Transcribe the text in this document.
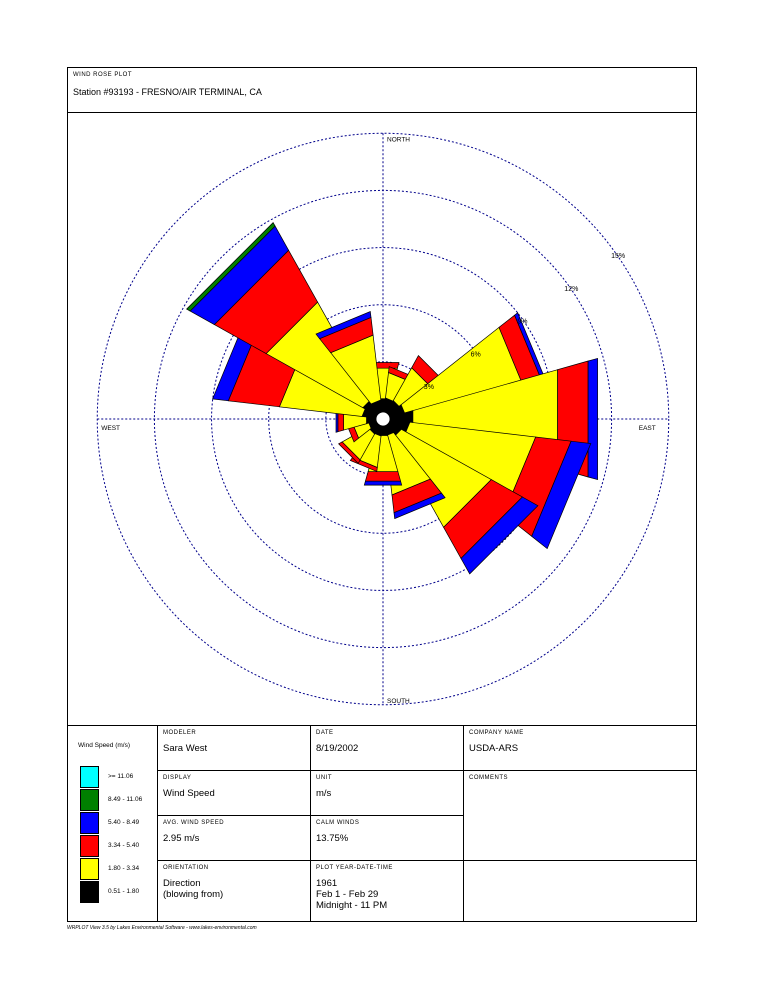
WIND ROSE PLOT
Station #93193 - FRESNO/AIR TERMINAL, CA
3%
6%
9%
12%
15%
NORTH
SOUTH
EAST
WEST
Wind Speed (m/s)
>= 11.06
8.49 - 11.06
5.40 - 8.49
3.34 - 5.40
1.80 - 3.34
0.51 - 1.80
MODELER
Sara West
DATE
8/19/2002
COMPANY NAME
USDA-ARS
DISPLAY
Wind Speed
UNIT
m/s
COMMENTS
AVG. WIND SPEED
2.95 m/s
CALM WINDS
13.75%
ORIENTATION
Direction
(blowing from)
PLOT YEAR-DATE-TIME
1961
Feb 1 - Feb 29
Midnight - 11 PM
WRPLOT View 3.5 by Lakes Environmental Software - www.lakes-environmental.com
